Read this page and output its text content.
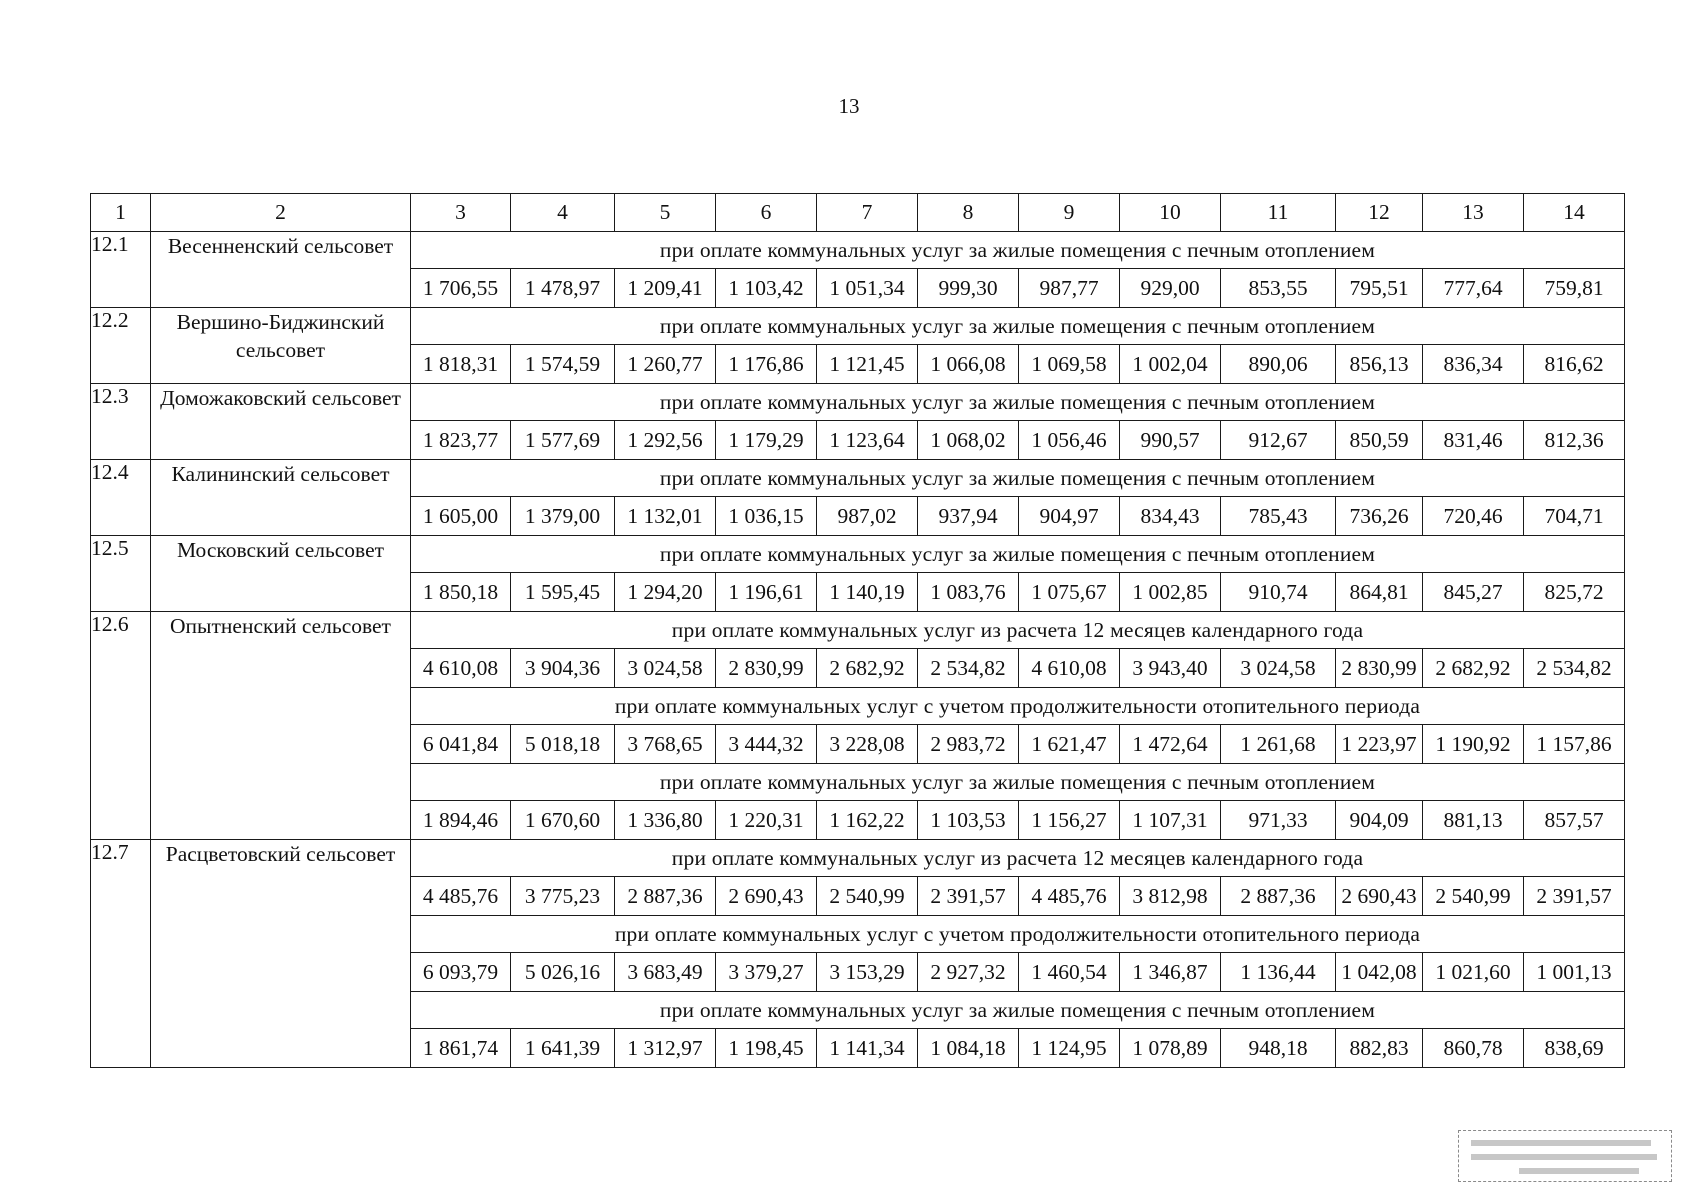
13
1	2	3	4	5	6	7	8	9	10	11	12	13	14
12.1	Весенненский сельсовет	при оплате коммунальных услуг за жилые помещения с печным отоплением											
		1 706,55	1 478,97	1 209,41	1 103,42	1 051,34	999,30	987,77	929,00	853,55	795,51	777,64	759,81
12.2	Вершино-Биджинский сельсовет	при оплате коммунальных услуг за жилые помещения с печным отоплением											
		1 818,31	1 574,59	1 260,77	1 176,86	1 121,45	1 066,08	1 069,58	1 002,04	890,06	856,13	836,34	816,62
12.3	Доможаковский сельсовет	при оплате коммунальных услуг за жилые помещения с печным отоплением											
		1 823,77	1 577,69	1 292,56	1 179,29	1 123,64	1 068,02	1 056,46	990,57	912,67	850,59	831,46	812,36
12.4	Калининский сельсовет	при оплате коммунальных услуг за жилые помещения с печным отоплением											
		1 605,00	1 379,00	1 132,01	1 036,15	987,02	937,94	904,97	834,43	785,43	736,26	720,46	704,71
12.5	Московский сельсовет	при оплате коммунальных услуг за жилые помещения с печным отоплением											
		1 850,18	1 595,45	1 294,20	1 196,61	1 140,19	1 083,76	1 075,67	1 002,85	910,74	864,81	845,27	825,72
12.6	Опытненский сельсовет	при оплате коммунальных услуг из расчета 12 месяцев календарного года											
		4 610,08	3 904,36	3 024,58	2 830,99	2 682,92	2 534,82	4 610,08	3 943,40	3 024,58	2 830,99	2 682,92	2 534,82
		при оплате коммунальных услуг с учетом продолжительности отопительного периода											
		6 041,84	5 018,18	3 768,65	3 444,32	3 228,08	2 983,72	1 621,47	1 472,64	1 261,68	1 223,97	1 190,92	1 157,86
		при оплате коммунальных услуг за жилые помещения с печным отоплением											
		1 894,46	1 670,60	1 336,80	1 220,31	1 162,22	1 103,53	1 156,27	1 107,31	971,33	904,09	881,13	857,57
12.7	Расцветовский сельсовет	при оплате коммунальных услуг из расчета 12 месяцев календарного года											
		4 485,76	3 775,23	2 887,36	2 690,43	2 540,99	2 391,57	4 485,76	3 812,98	2 887,36	2 690,43	2 540,99	2 391,57
		при оплате коммунальных услуг с учетом продолжительности отопительного периода											
		6 093,79	5 026,16	3 683,49	3 379,27	3 153,29	2 927,32	1 460,54	1 346,87	1 136,44	1 042,08	1 021,60	1 001,13
		при оплате коммунальных услуг за жилые помещения с печным отоплением											
		1 861,74	1 641,39	1 312,97	1 198,45	1 141,34	1 084,18	1 124,95	1 078,89	948,18	882,83	860,78	838,69
